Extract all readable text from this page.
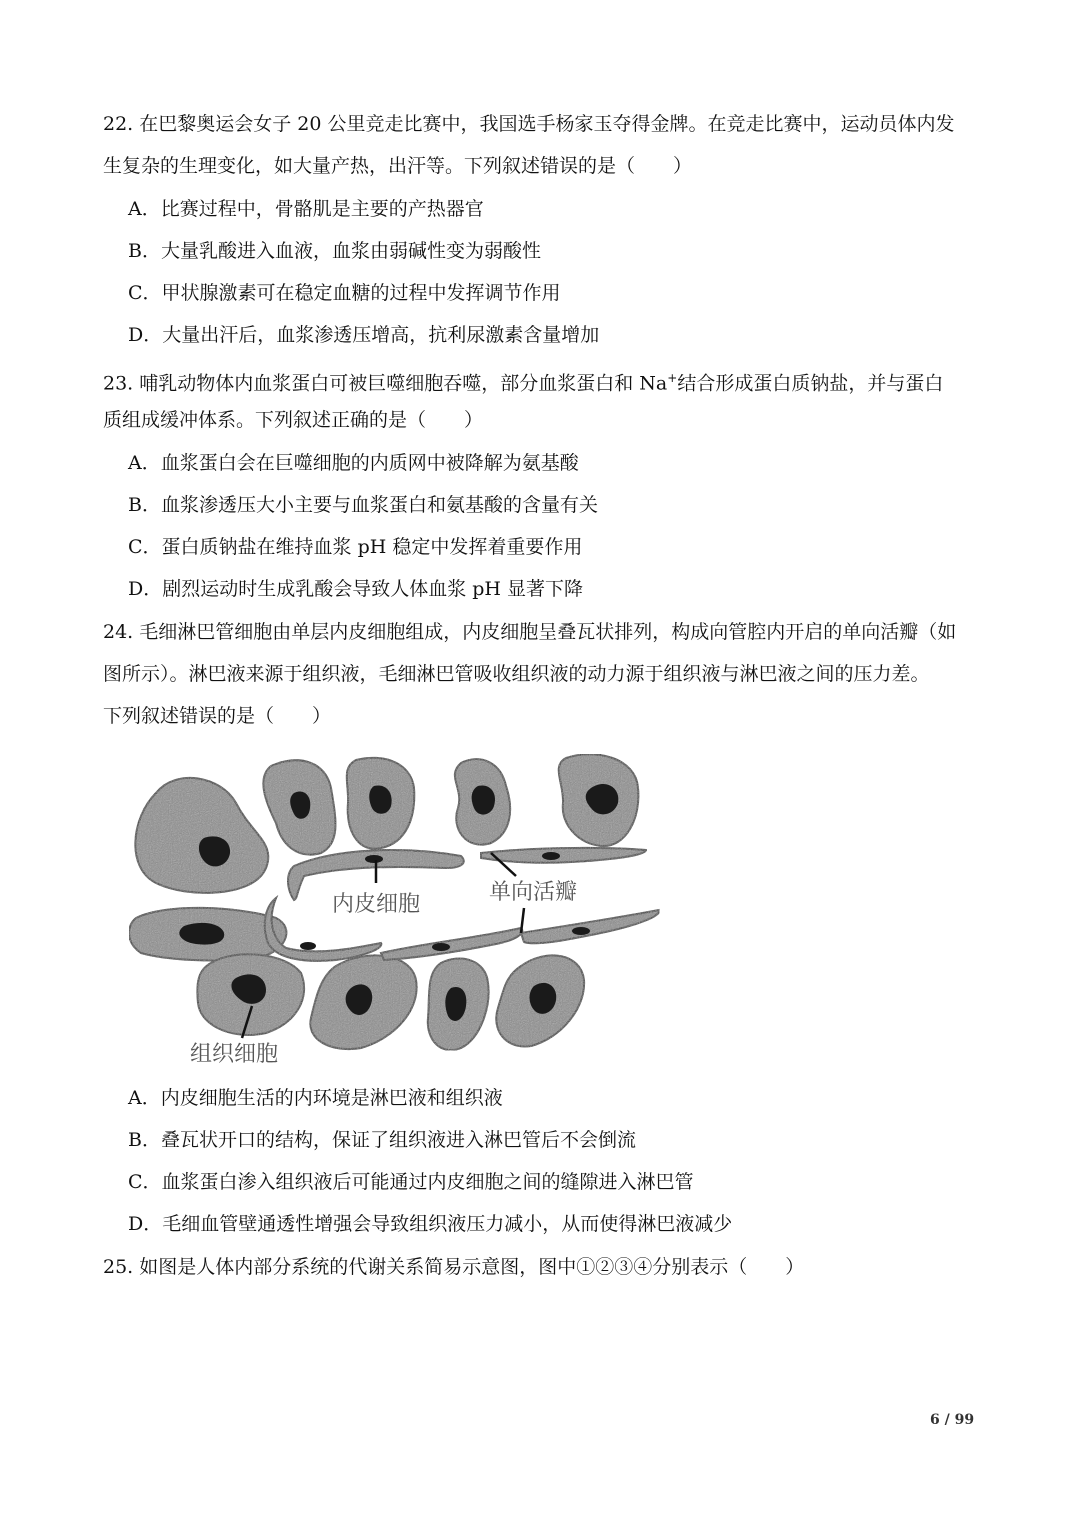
22. 在巴黎奥运会女子 20 公里竞走比赛中，我国选手杨家玉夺得金牌。在竞走比赛中，运动员体内发
生复杂的生理变化，如大量产热，出汗等。下列叙述错误的是（　　）
A．比赛过程中，骨骼肌是主要的产热器官
B．大量乳酸进入血液，血浆由弱碱性变为弱酸性
C．甲状腺激素可在稳定血糖的过程中发挥调节作用
D．大量出汗后，血浆渗透压增高，抗利尿激素含量增加
23. 哺乳动物体内血浆蛋白可被巨噬细胞吞噬，部分血浆蛋白和 Na+结合形成蛋白质钠盐，并与蛋白
质组成缓冲体系。下列叙述正确的是（　　）
A．血浆蛋白会在巨噬细胞的内质网中被降解为氨基酸
B．血浆渗透压大小主要与血浆蛋白和氨基酸的含量有关
C．蛋白质钠盐在维持血浆 pH 稳定中发挥着重要作用
D．剧烈运动时生成乳酸会导致人体血浆 pH 显著下降
24. 毛细淋巴管细胞由单层内皮细胞组成，内皮细胞呈叠瓦状排列，构成向管腔内开启的单向活瓣（如
图所示）。淋巴液来源于组织液，毛细淋巴管吸收组织液的动力源于组织液与淋巴液之间的压力差。
下列叙述错误的是（　　）
内皮细胞	单向活瓣
组织细胞
A．内皮细胞生活的内环境是淋巴液和组织液
B．叠瓦状开口的结构，保证了组织液进入淋巴管后不会倒流
C．血浆蛋白渗入组织液后可能通过内皮细胞之间的缝隙进入淋巴管
D．毛细血管壁通透性增强会导致组织液压力减小，从而使得淋巴液减少
25. 如图是人体内部分系统的代谢关系简易示意图，图中①②③④分别表示（　　）
6 / 99
